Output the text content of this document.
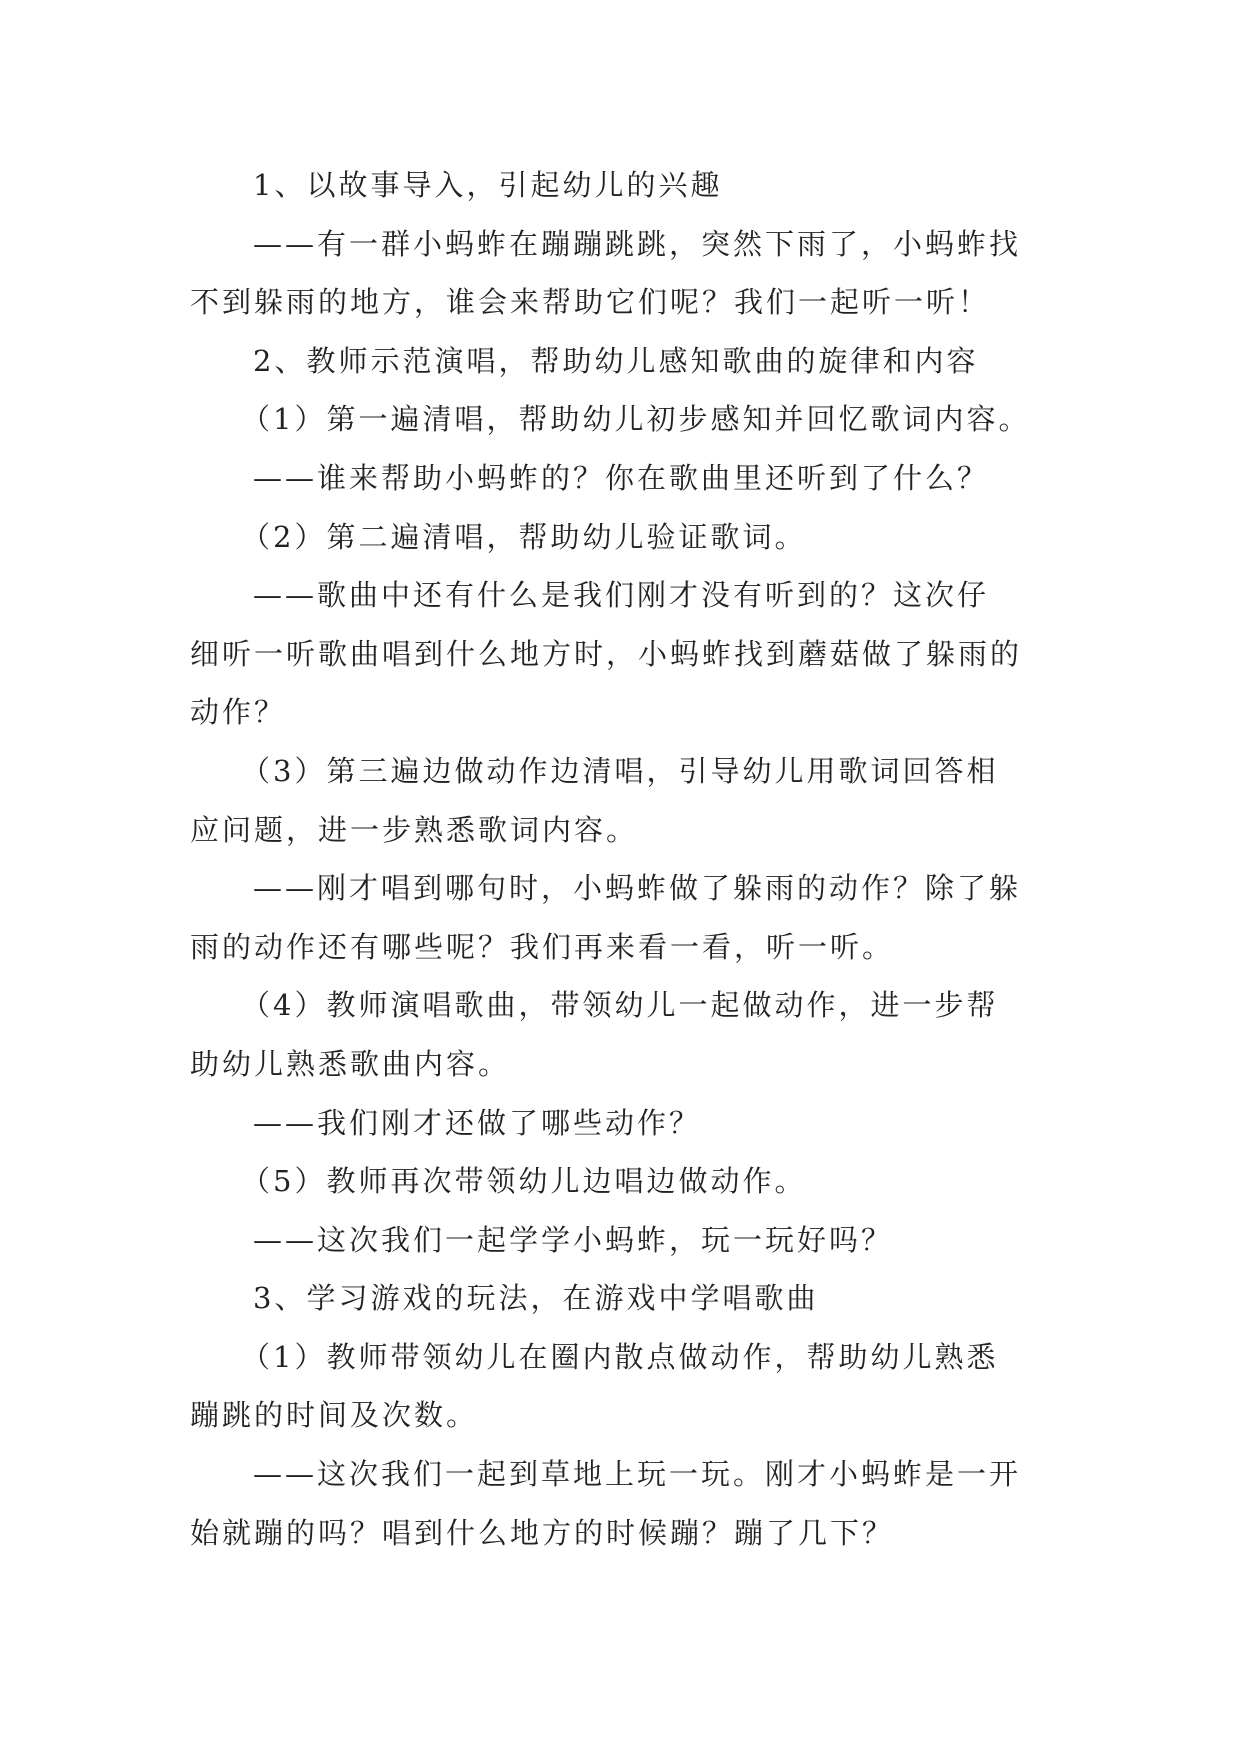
1、以故事导入，引起幼儿的兴趣

——有一群小蚂蚱在蹦蹦跳跳，突然下雨了，小蚂蚱找

不到躲雨的地方，谁会来帮助它们呢？我们一起听一听！

2、教师示范演唱，帮助幼儿感知歌曲的旋律和内容

（1）第一遍清唱，帮助幼儿初步感知并回忆歌词内容。

——谁来帮助小蚂蚱的？你在歌曲里还听到了什么？

（2）第二遍清唱，帮助幼儿验证歌词。

——歌曲中还有什么是我们刚才没有听到的？这次仔

细听一听歌曲唱到什么地方时，小蚂蚱找到蘑菇做了躲雨的

动作？

（3）第三遍边做动作边清唱，引导幼儿用歌词回答相

应问题，进一步熟悉歌词内容。

——刚才唱到哪句时，小蚂蚱做了躲雨的动作？除了躲

雨的动作还有哪些呢？我们再来看一看，听一听。

（4）教师演唱歌曲，带领幼儿一起做动作，进一步帮

助幼儿熟悉歌曲内容。

——我们刚才还做了哪些动作？

（5）教师再次带领幼儿边唱边做动作。

——这次我们一起学学小蚂蚱，玩一玩好吗？

3、学习游戏的玩法，在游戏中学唱歌曲

（1）教师带领幼儿在圈内散点做动作，帮助幼儿熟悉

蹦跳的时间及次数。

——这次我们一起到草地上玩一玩。刚才小蚂蚱是一开

始就蹦的吗？唱到什么地方的时候蹦？蹦了几下？
